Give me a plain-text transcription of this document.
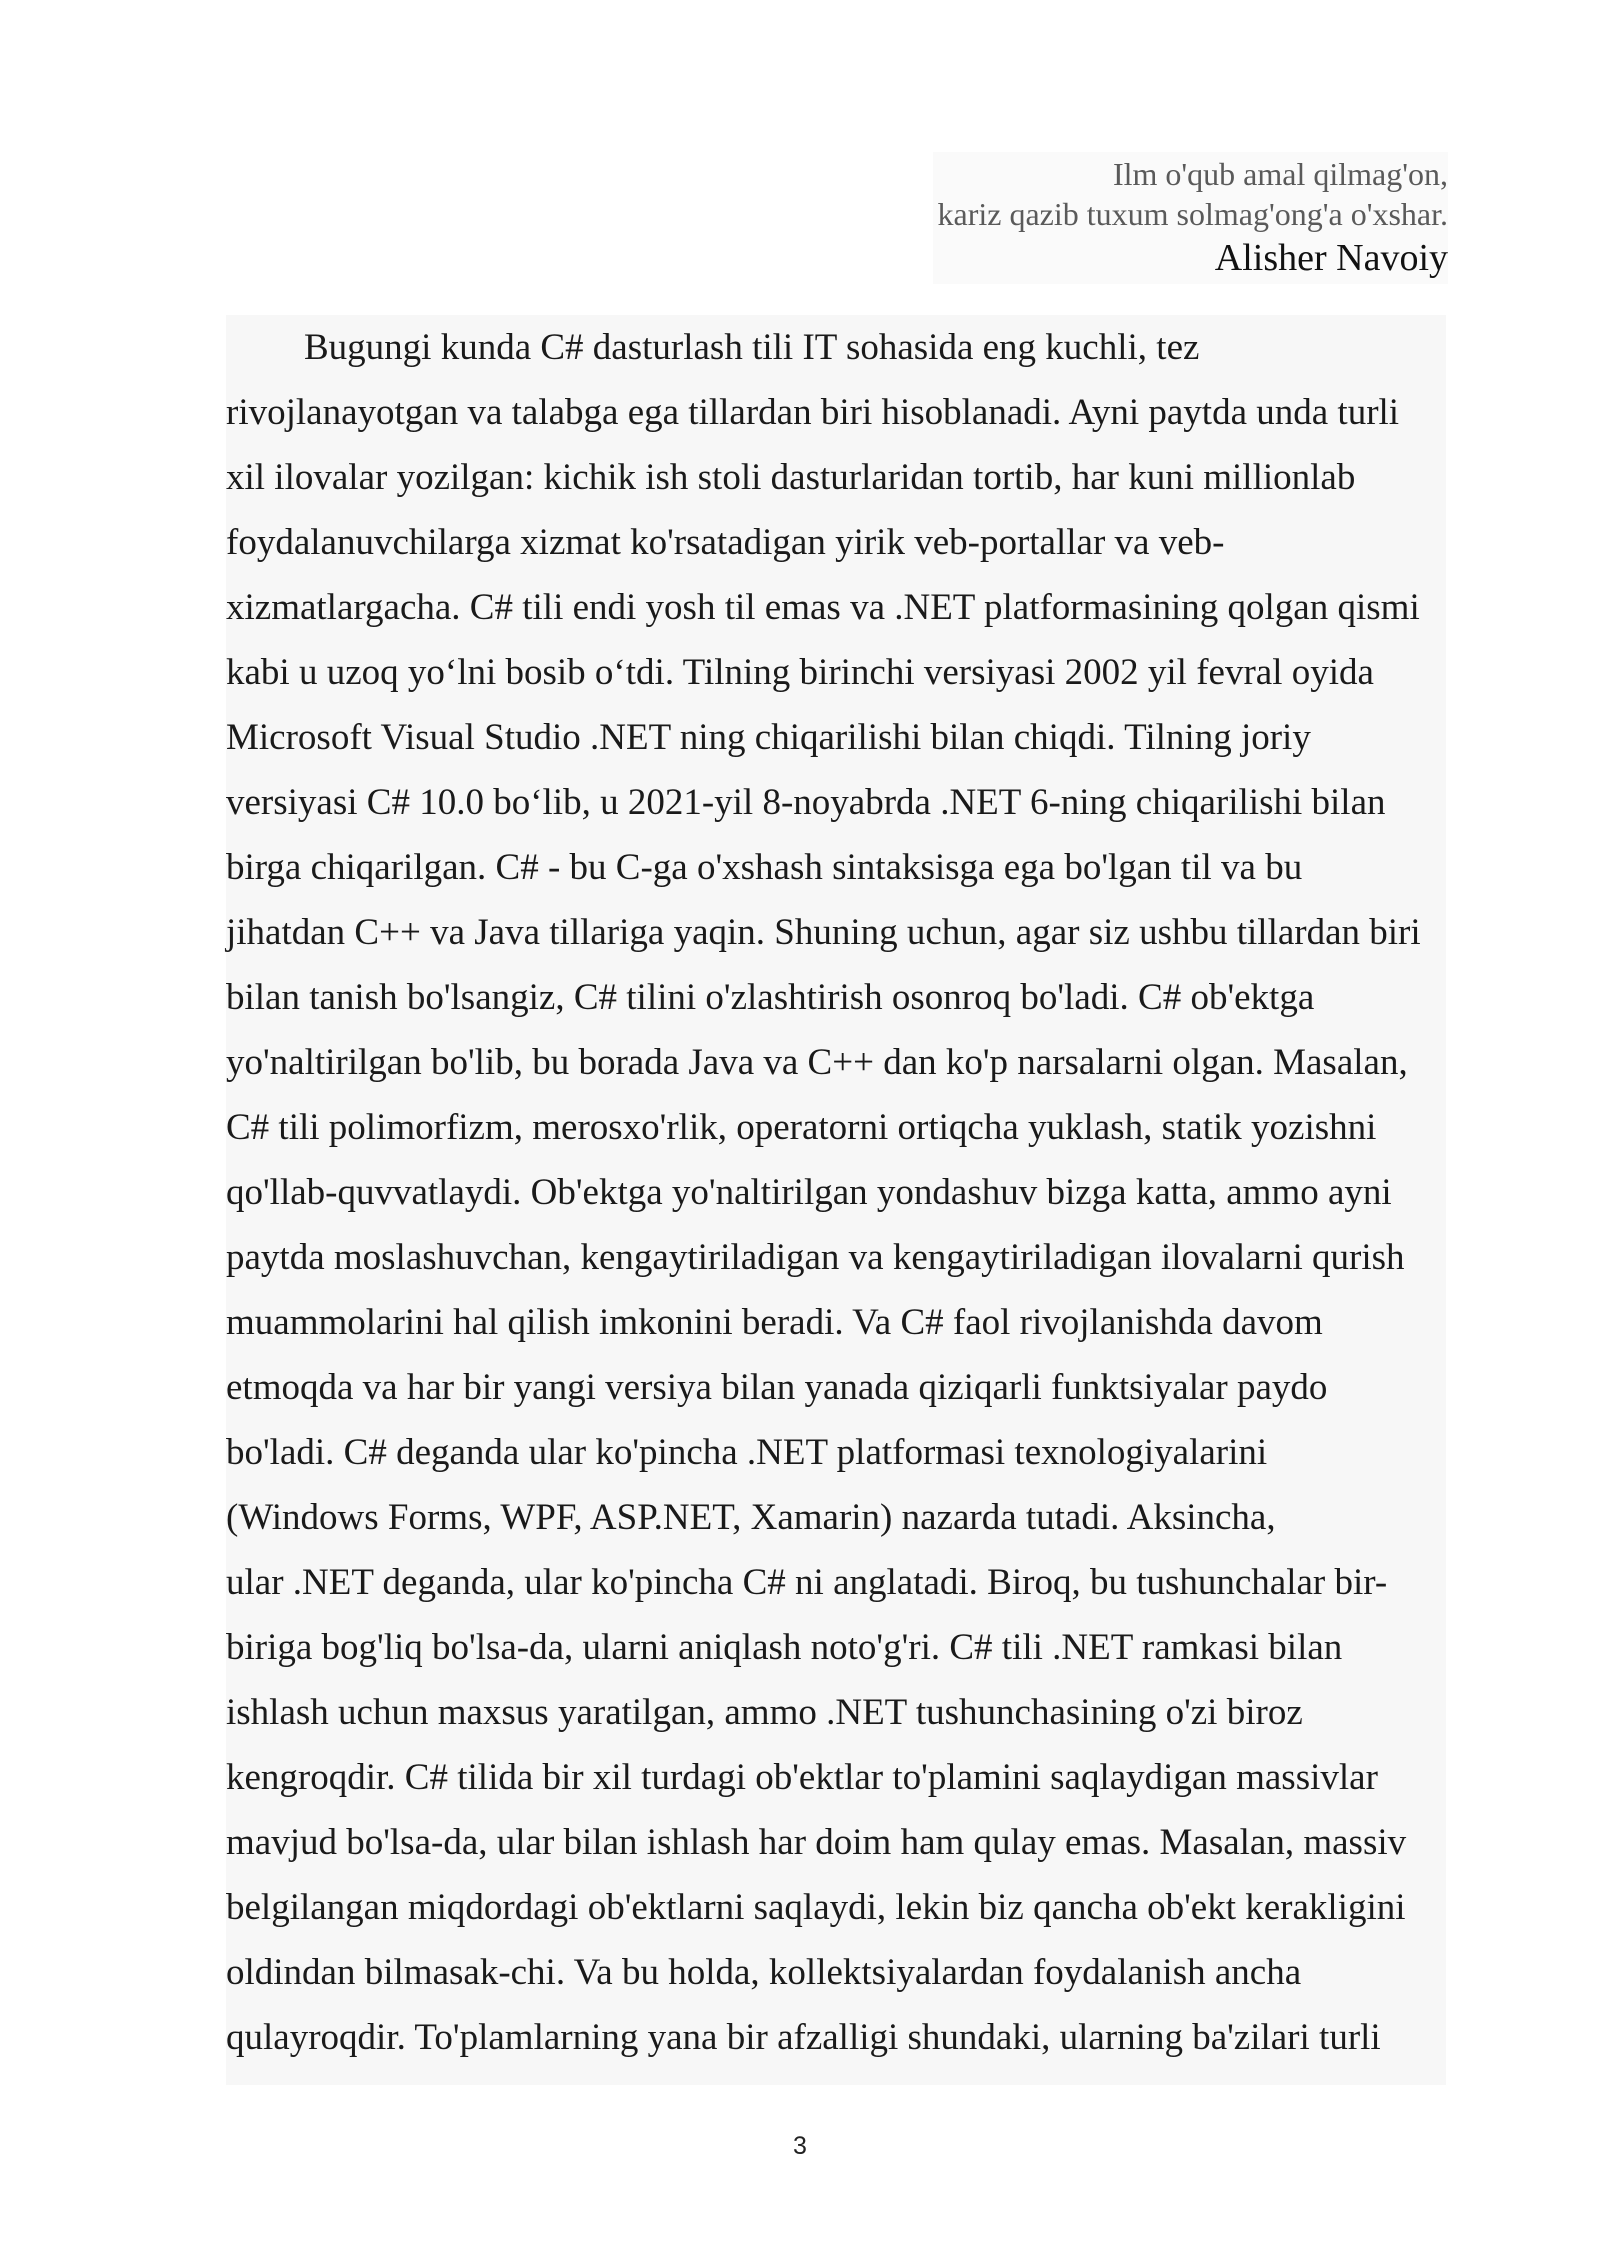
Ilm o'qub amal qilmag'on,
kariz qazib tuxum solmag'ong'a o'xshar.
Alisher Navoiy
Bugungi kunda C# dasturlash tili IT sohasida eng kuchli, tez
rivojlanayotgan va talabga ega tillardan biri hisoblanadi. Ayni paytda unda turli
xil ilovalar yozilgan: kichik ish stoli dasturlaridan tortib, har kuni millionlab
foydalanuvchilarga xizmat ko'rsatadigan yirik veb-portallar va veb-
xizmatlargacha. C# tili endi yosh til emas va .NET platformasining qolgan qismi
kabi u uzoq yo‘lni bosib o‘tdi. Tilning birinchi versiyasi 2002 yil fevral oyida
Microsoft Visual Studio .NET ning chiqarilishi bilan chiqdi. Tilning joriy
versiyasi C# 10.0 bo‘lib, u 2021-yil 8-noyabrda .NET 6-ning chiqarilishi bilan
birga chiqarilgan. C# - bu C-ga o'xshash sintaksisga ega bo'lgan til va bu
jihatdan C++ va Java tillariga yaqin. Shuning uchun, agar siz ushbu tillardan biri
bilan tanish bo'lsangiz, C# tilini o'zlashtirish osonroq bo'ladi. C# ob'ektga
yo'naltirilgan bo'lib, bu borada Java va C++ dan ko'p narsalarni olgan. Masalan,
C# tili polimorfizm, merosxo'rlik, operatorni ortiqcha yuklash, statik yozishni
qo'llab-quvvatlaydi. Ob'ektga yo'naltirilgan yondashuv bizga katta, ammo ayni
paytda moslashuvchan, kengaytiriladigan va kengaytiriladigan ilovalarni qurish
muammolarini hal qilish imkonini beradi. Va C# faol rivojlanishda davom
etmoqda va har bir yangi versiya bilan yanada qiziqarli funktsiyalar paydo
bo'ladi. C# deganda ular ko'pincha .NET platformasi texnologiyalarini
(Windows Forms, WPF, ASP.NET, Xamarin) nazarda tutadi. Aksincha,
ular .NET deganda, ular ko'pincha C# ni anglatadi. Biroq, bu tushunchalar bir-
biriga bog'liq bo'lsa-da, ularni aniqlash noto'g'ri. C# tili .NET ramkasi bilan
ishlash uchun maxsus yaratilgan, ammo .NET tushunchasining o'zi biroz
kengroqdir. C# tilida bir xil turdagi ob'ektlar to'plamini saqlaydigan massivlar
mavjud bo'lsa-da, ular bilan ishlash har doim ham qulay emas. Masalan, massiv
belgilangan miqdordagi ob'ektlarni saqlaydi, lekin biz qancha ob'ekt kerakligini
oldindan bilmasak-chi. Va bu holda, kollektsiyalardan foydalanish ancha
qulayroqdir. To'plamlarning yana bir afzalligi shundaki, ularning ba'zilari turli
3
